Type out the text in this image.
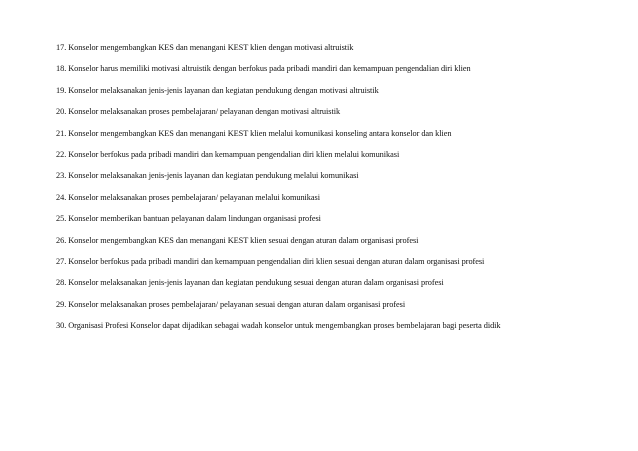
17. Konselor mengembangkan KES dan menangani KEST klien dengan motivasi altruistik
18. Konselor harus memiliki motivasi altruistik dengan berfokus pada pribadi mandiri dan kemampuan pengendalian diri klien
19. Konselor melaksanakan jenis-jenis layanan dan kegiatan pendukung dengan motivasi altruistik
20. Konselor melaksanakan proses pembelajaran/ pelayanan dengan motivasi altruistik
21. Konselor mengembangkan KES dan menangani KEST klien melalui komunikasi konseling antara konselor dan klien
22. Konselor berfokus pada pribadi mandiri dan kemampuan pengendalian diri klien melalui komunikasi
23. Konselor melaksanakan jenis-jenis layanan dan kegiatan pendukung melalui komunikasi
24. Konselor melaksanakan proses pembelajaran/ pelayanan melalui komunikasi
25. Konselor memberikan bantuan pelayanan dalam lindungan organisasi profesi
26. Konselor mengembangkan KES dan menangani KEST klien sesuai dengan aturan dalam organisasi profesi
27. Konselor berfokus pada pribadi mandiri dan kemampuan pengendalian diri klien sesuai dengan aturan dalam organisasi profesi
28. Konselor melaksanakan jenis-jenis layanan dan kegiatan pendukung sesuai dengan aturan dalam organisasi profesi
29. Konselor melaksanakan proses pembelajaran/ pelayanan sesuai dengan aturan dalam organisasi profesi
30. Organisasi Profesi Konselor dapat dijadikan sebagai wadah konselor untuk mengembangkan proses bembelajaran bagi peserta didik
